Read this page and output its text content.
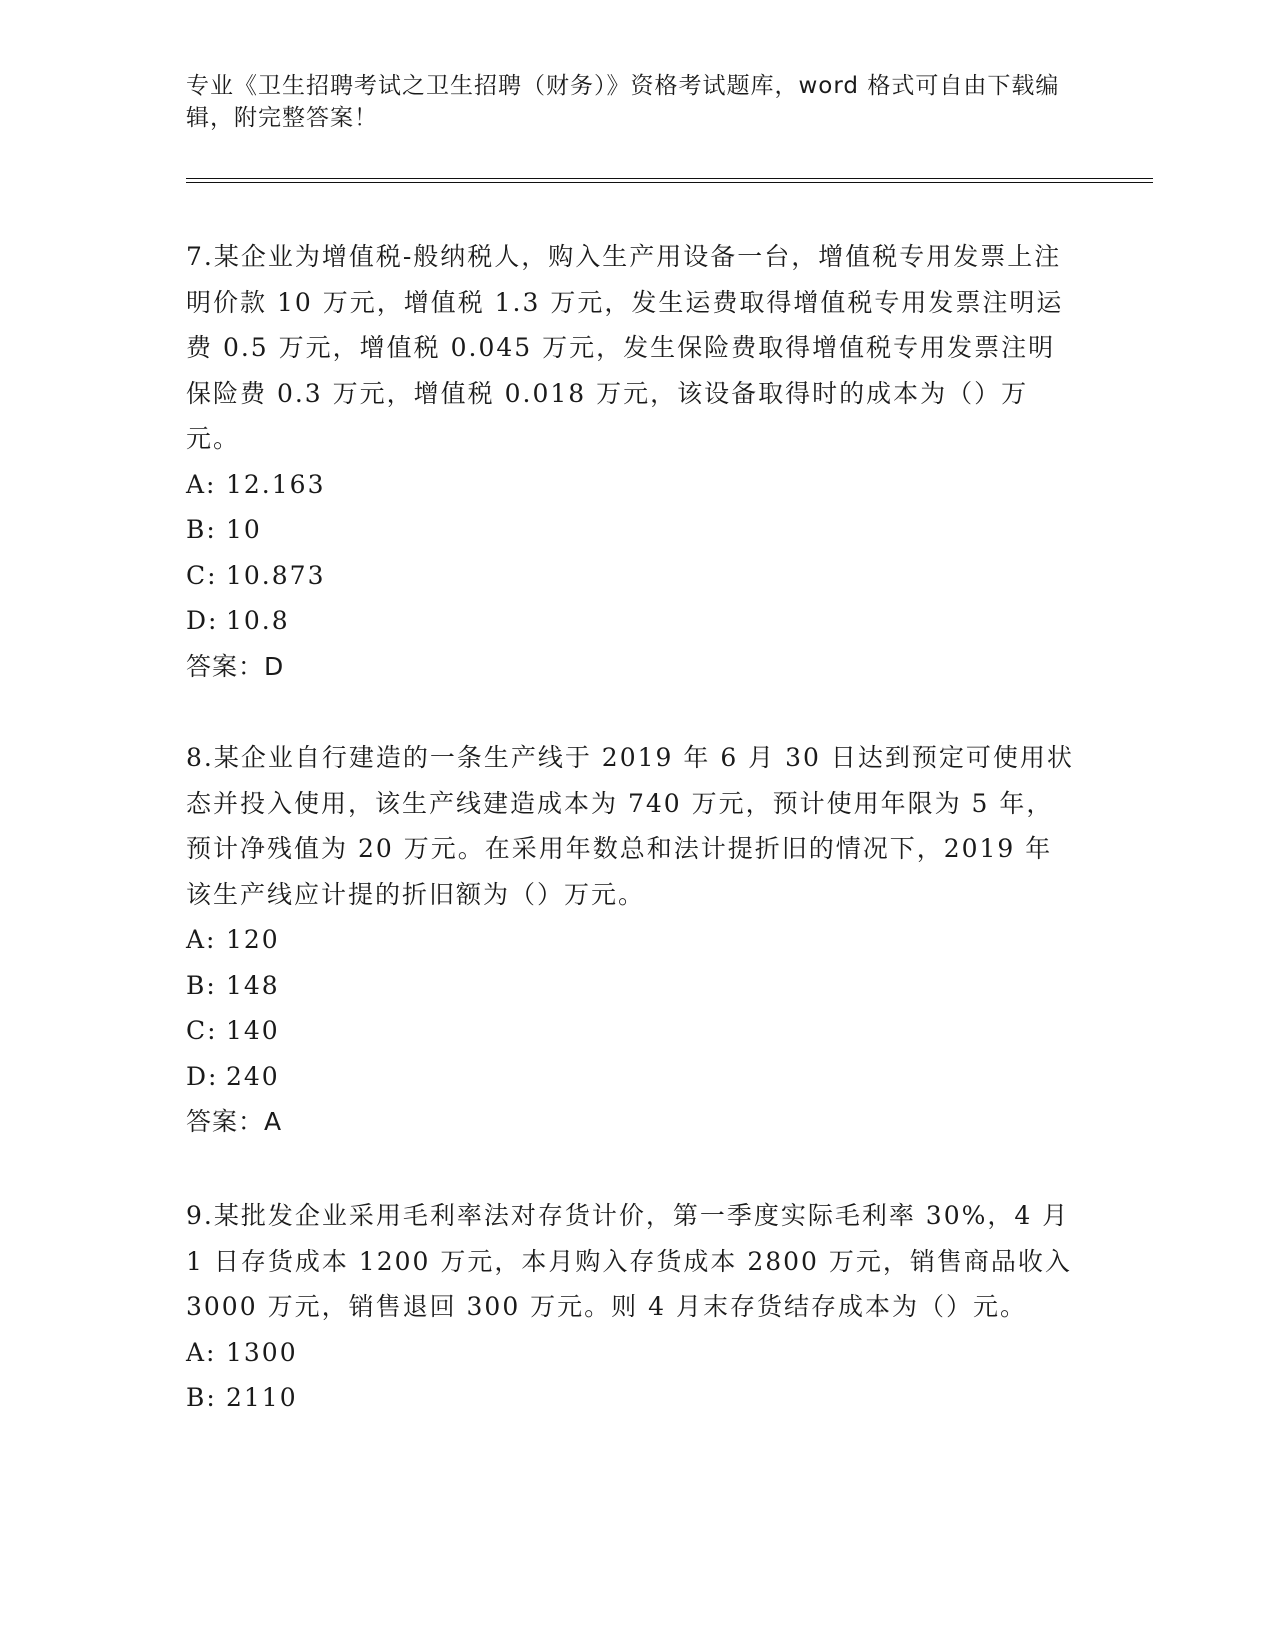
专业《卫生招聘考试之卫生招聘（财务）》资格考试题库，word 格式可自由下载编辑，附完整答案！

7.某企业为增值税-般纳税人，购入生产用设备一台，增值税专用发票上注明价款 10 万元，增值税 1.3 万元，发生运费取得增值税专用发票注明运费 0.5 万元，增值税 0.045 万元，发生保险费取得增值税专用发票注明保险费 0.3 万元，增值税 0.018 万元，该设备取得时的成本为（）万元。

A: 12.163

B: 10

C: 10.873

D: 10.8

答案：D

8.某企业自行建造的一条生产线于 2019 年 6 月 30 日达到预定可使用状态并投入使用，该生产线建造成本为 740 万元，预计使用年限为 5 年，预计净残值为 20 万元。在采用年数总和法计提折旧的情况下，2019 年该生产线应计提的折旧额为（）万元。

A: 120

B: 148

C: 140

D: 240

答案：A

9.某批发企业采用毛利率法对存货计价，第一季度实际毛利率 30%，4 月 1 日存货成本 1200 万元，本月购入存货成本 2800 万元，销售商品收入 3000 万元，销售退回 300 万元。则 4 月末存货结存成本为（）元。

A: 1300

B: 2110
